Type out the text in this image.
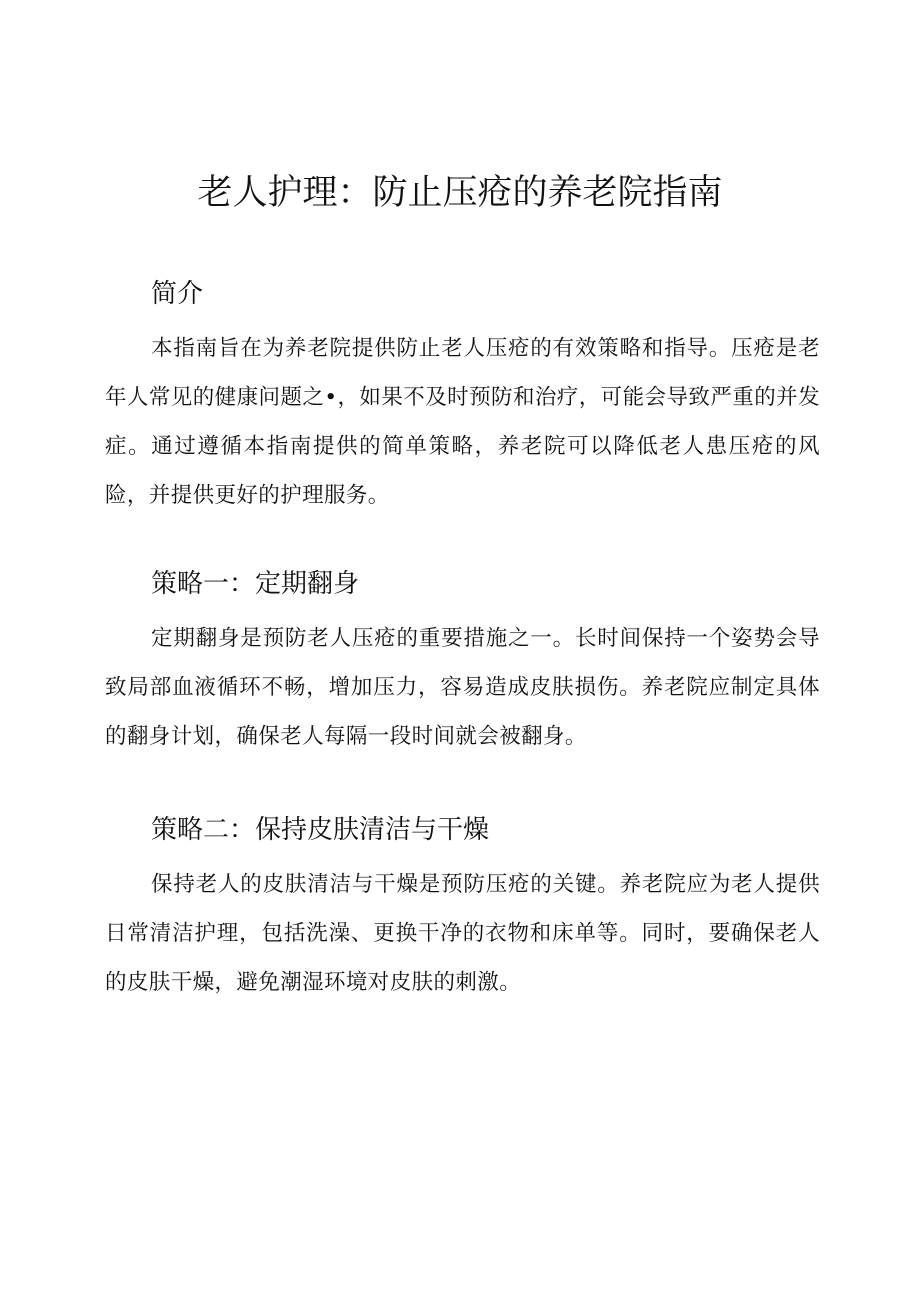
老人护理：防止压疮的养老院指南
简介

本指南旨在为养老院提供防止老人压疮的有效策略和指导。压疮是老年人常见的健康问题之•，如果不及时预防和治疗，可能会导致严重的并发症。通过遵循本指南提供的简单策略，养老院可以降低老人患压疮的风险，并提供更好的护理服务。

策略一：定期翻身

定期翻身是预防老人压疮的重要措施之一。长时间保持一个姿势会导致局部血液循环不畅，增加压力，容易造成皮肤损伤。养老院应制定具体的翻身计划，确保老人每隔一段时间就会被翻身。

策略二：保持皮肤清洁与干燥

保持老人的皮肤清洁与干燥是预防压疮的关键。养老院应为老人提供日常清洁护理，包括洗澡、更换干净的衣物和床单等。同时，要确保老人的皮肤干燥，避免潮湿环境对皮肤的刺激。
